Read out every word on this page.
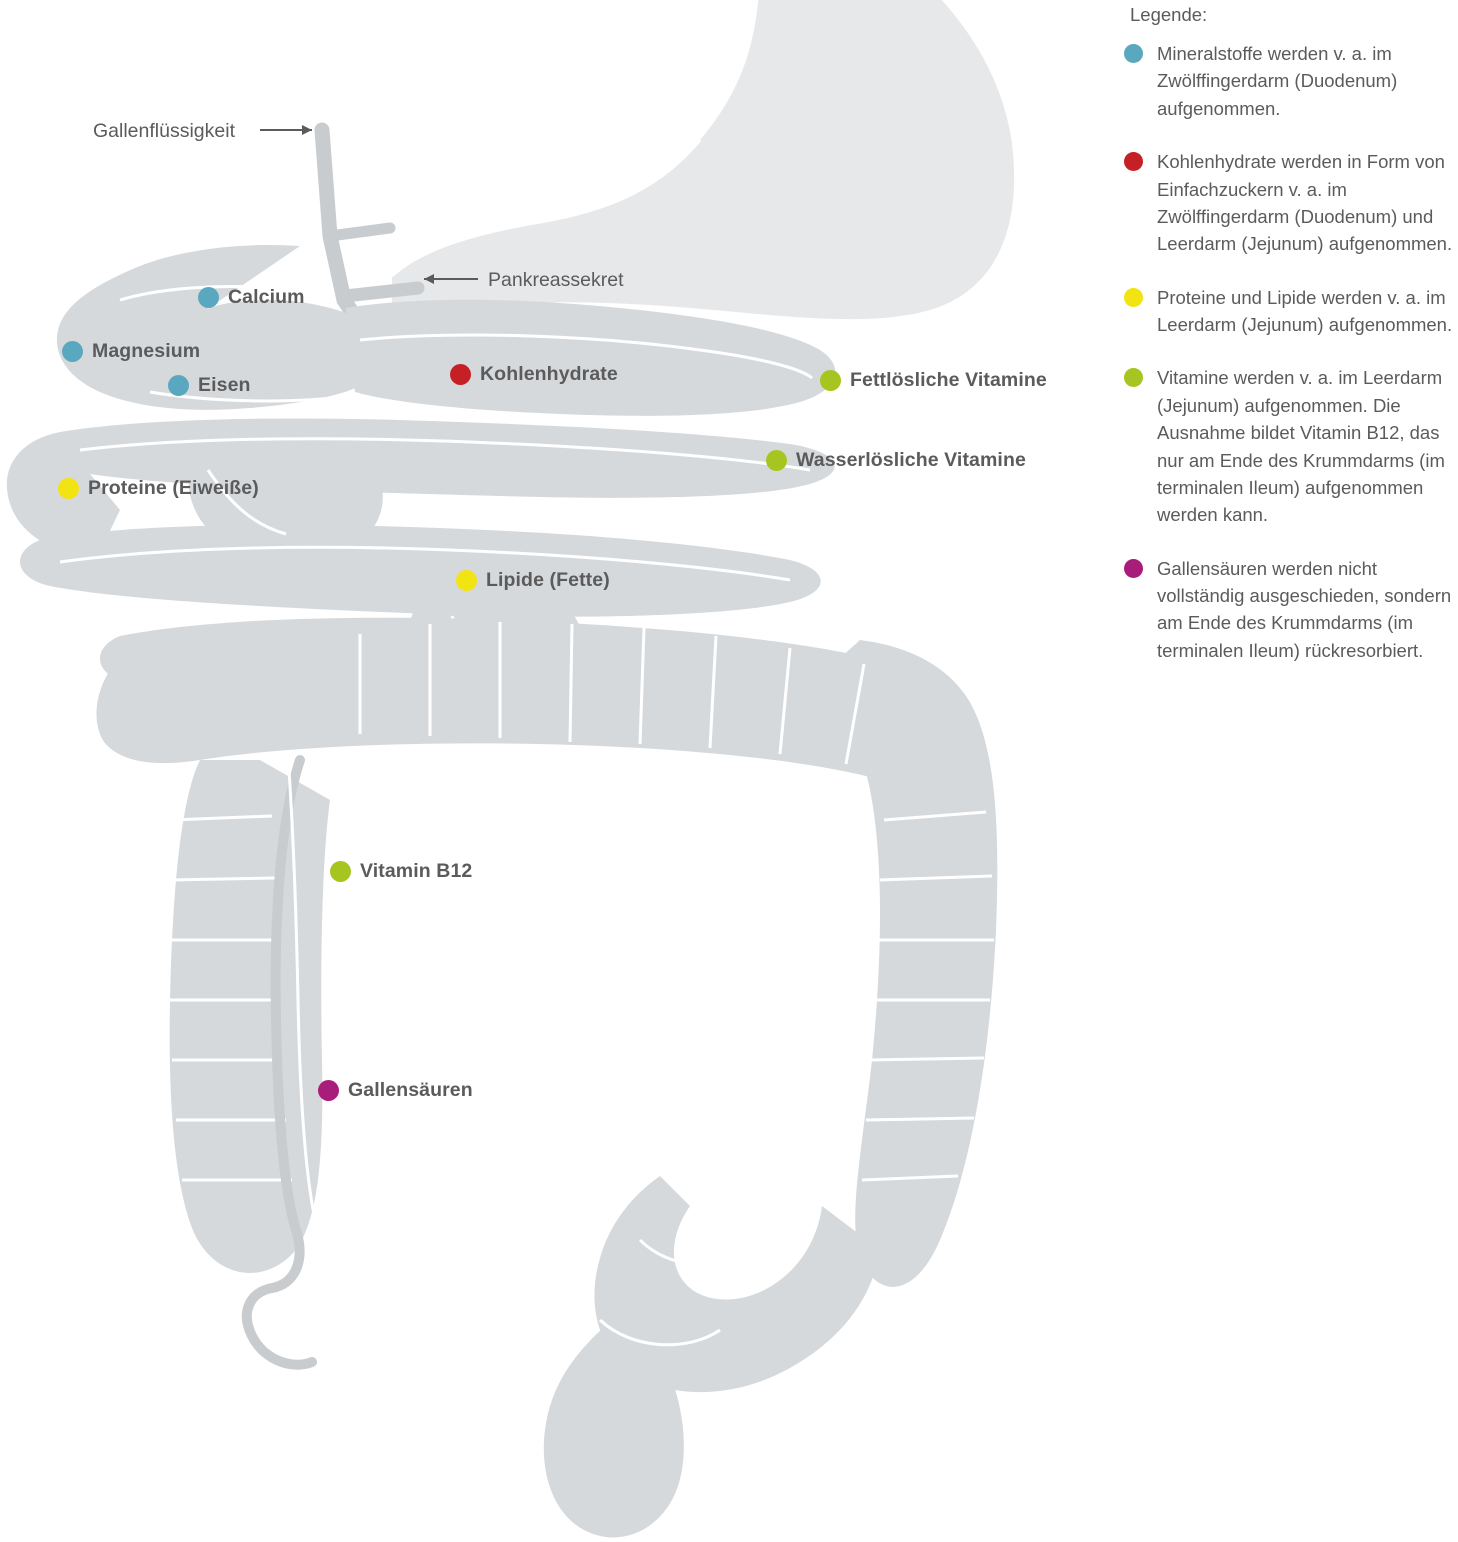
Gallenflüssigkeit
Pankreassekret
Calcium
Magnesium
Eisen	Kohlenhydrate	Fettlösliche Vitamine
Wasserlösliche Vitamine
Proteine (Eiweiße)
Lipide (Fette)
Vitamin B12
Gallensäuren
Legende:
Mineralstoffe werden v. a. im Zwölffingerdarm (Duodenum) aufgenommen.
Kohlenhydrate werden in Form von Einfachzuckern v. a. im Zwölffingerdarm (Duodenum) und Leerdarm (Jejunum) aufgenommen.
Proteine und Lipide werden v. a. im Leerdarm (Jejunum) aufgenommen.
Vitamine werden v. a. im Leerdarm (Jejunum) aufgenommen. Die Ausnahme bildet Vitamin B12, das nur am Ende des Krummdarms (im terminalen Ileum) aufgenommen werden kann.
Gallensäuren werden nicht vollständig ausgeschieden, sondern am Ende des Krummdarms (im terminalen Ileum) rückresorbiert.
